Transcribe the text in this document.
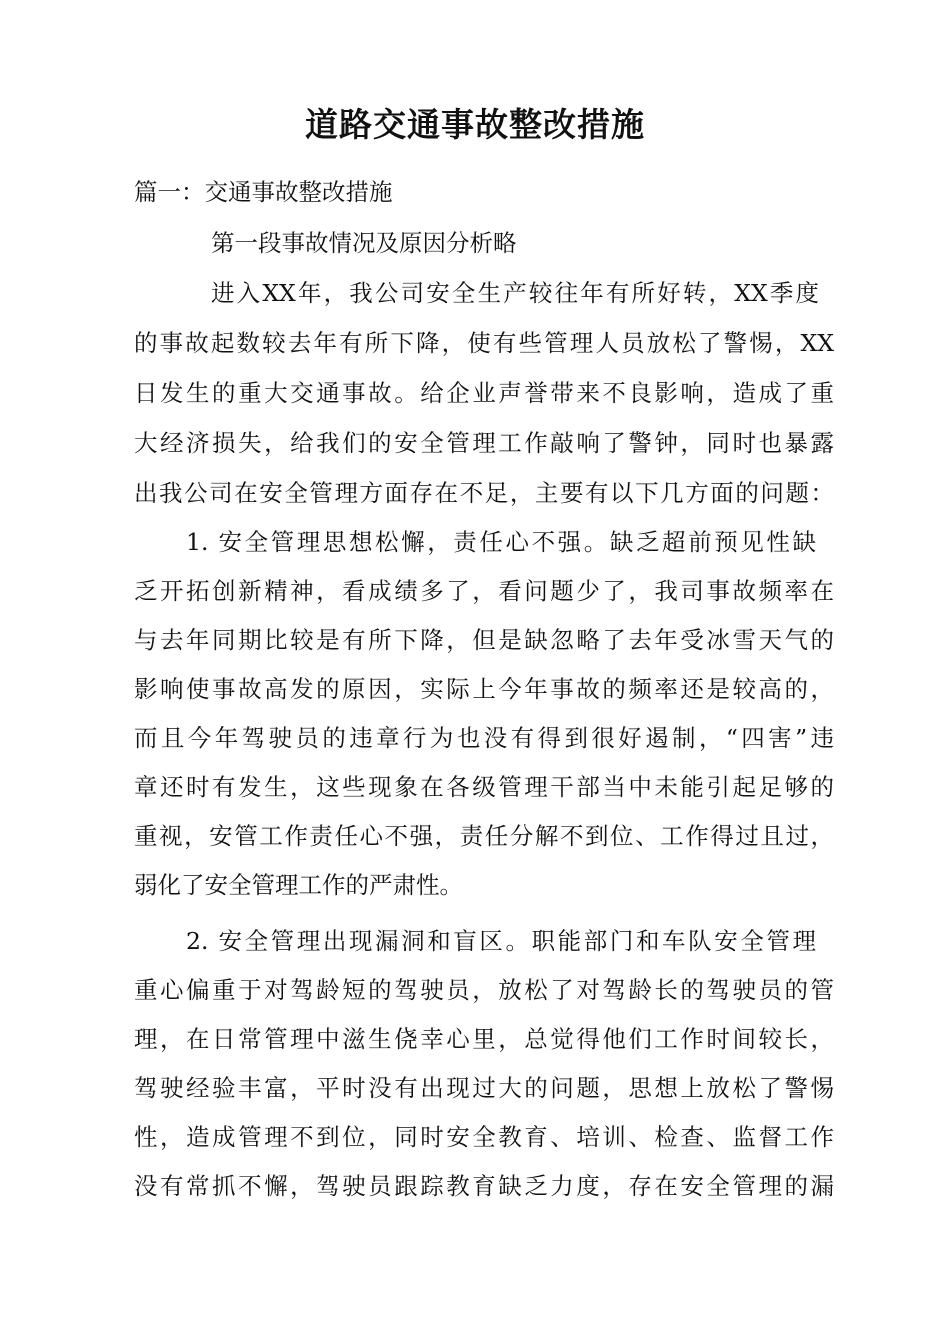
道路交通事故整改措施
篇一：交通事故整改措施
第一段事故情况及原因分析略
进入XX年，我公司安全生产较往年有所好转，XX季度
的事故起数较去年有所下降，使有些管理人员放松了警惕，XX
日发生的重大交通事故。给企业声誉带来不良影响，造成了重
大经济损失，给我们的安全管理工作敲响了警钟，同时也暴露
出我公司在安全管理方面存在不足，主要有以下几方面的问题：
1. 安全管理思想松懈，责任心不强。缺乏超前预见性缺
乏开拓创新精神，看成绩多了，看问题少了，我司事故频率在
与去年同期比较是有所下降，但是缺忽略了去年受冰雪天气的
影响使事故高发的原因，实际上今年事故的频率还是较高的，
而且今年驾驶员的违章行为也没有得到很好遏制，“四害”违
章还时有发生，这些现象在各级管理干部当中未能引起足够的
重视，安管工作责任心不强，责任分解不到位、工作得过且过，
弱化了安全管理工作的严肃性。
2. 安全管理出现漏洞和盲区。职能部门和车队安全管理
重心偏重于对驾龄短的驾驶员，放松了对驾龄长的驾驶员的管
理，在日常管理中滋生侥幸心里，总觉得他们工作时间较长，
驾驶经验丰富，平时没有出现过大的问题，思想上放松了警惕
性，造成管理不到位，同时安全教育、培训、检查、监督工作
没有常抓不懈，驾驶员跟踪教育缺乏力度，存在安全管理的漏
